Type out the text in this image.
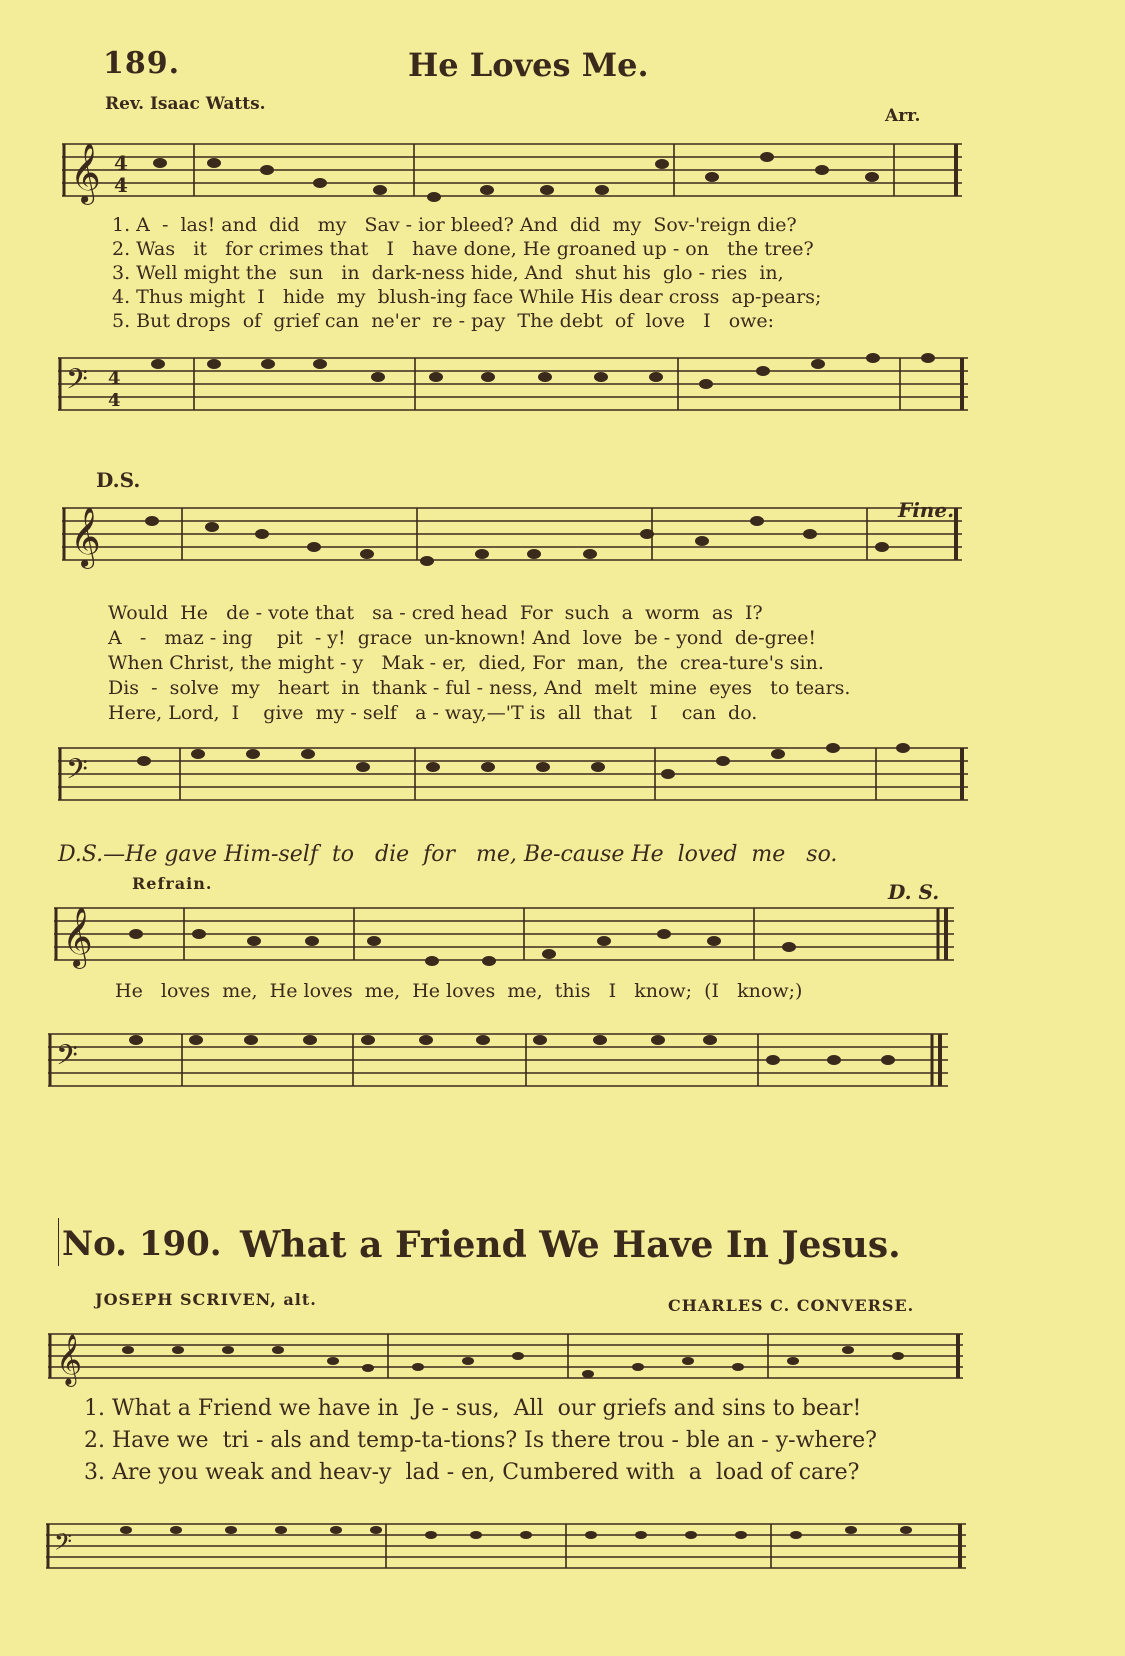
189.	He Loves Me.
Rev. Isaac Watts.
Arr.
𝄞 4
4
1. A  -  las! and  did   my   Sav - ior bleed? And  did  my  Sov-'reign die?
2. Was   it   for crimes that   I   have done, He groaned up - on   the tree?
3. Well might the  sun   in  dark-ness hide, And  shut his  glo - ries  in,
4. Thus might  I   hide  my  blush-ing face While His dear cross  ap-pears;
5. But drops  of  grief can  ne'er  re - pay  The debt  of  love   I   owe:
𝄢 4
4
𝄞
D.S.
Fine.
Would  He   de - vote that   sa - cred head  For  such  a  worm  as  I?
A   -   maz - ing    pit  - y!  grace  un-known! And  love  be - yond  de-gree!
When Christ, the might - y   Mak - er,  died, For  man,  the  crea-ture's sin.
Dis  -  solve  my   heart  in  thank - ful - ness, And  melt  mine  eyes   to tears.
Here, Lord,  I    give  my - self   a - way,—'T is  all  that   I    can  do.
𝄢
D.S.—He gave Him-self  to   die  for   me, Be-cause He  loved  me   so.
Refrain.	D. S.
𝄞
He   loves  me,  He loves  me,  He loves  me,  this   I   know;  (I   know;)
𝄢
No. 190. What a Friend We Have In Jesus.
JOSEPH SCRIVEN, alt.	CHARLES C. CONVERSE.
𝄞
1. What a Friend we have in  Je - sus,  All  our griefs and sins to bear!
2. Have we  tri - als and temp-ta-tions? Is there trou - ble an - y-where?
3. Are you weak and heav-y  lad - en, Cumbered with  a  load of care?
𝄢
